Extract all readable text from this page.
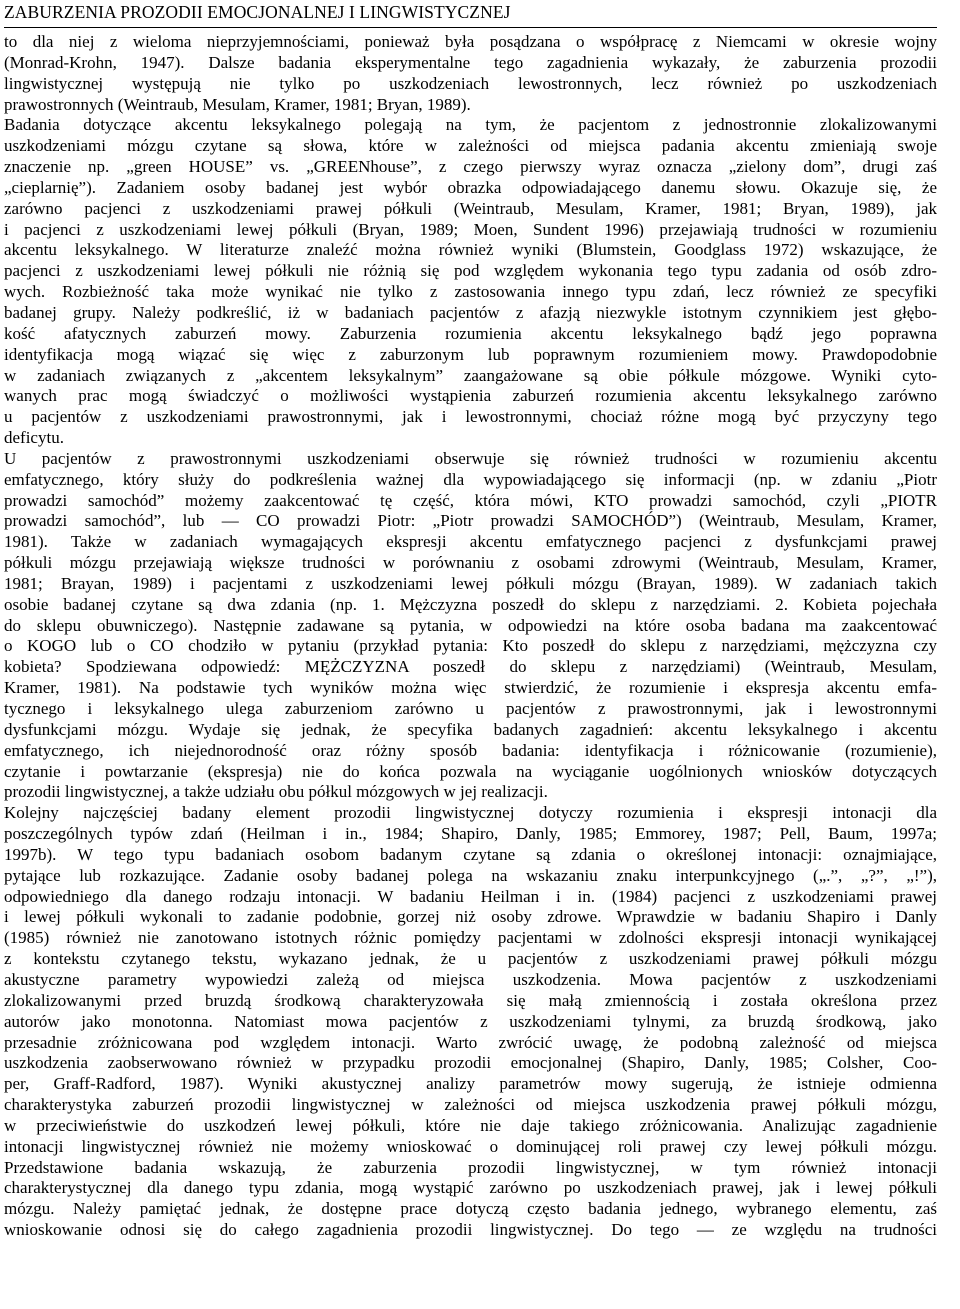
ZABURZENIA PROZODII EMOCJONALNEJ I LINGWISTYCZNEJ
to dla niej z wieloma nieprzyjemnościami, ponieważ była posądzana o współpracę z Niemcami w okresie wojny
(Monrad-Krohn, 1947). Dalsze badania eksperymentalne tego zagadnienia wykazały, że zaburzenia prozodii
lingwistycznej występują nie tylko po uszkodzeniach lewostronnych, lecz również po uszkodzeniach
prawostronnych (Weintraub, Mesulam, Kramer, 1981; Bryan, 1989).
Badania dotyczące akcentu leksykalnego polegają na tym, że pacjentom z jednostronnie zlokalizowanymi
uszkodzeniami mózgu czytane są słowa, które w zależności od miejsca padania akcentu zmieniają swoje
znaczenie np. „green HOUSE” vs. „GREENhouse”, z czego pierwszy wyraz oznacza „zielony dom”, drugi zaś
„cieplarnię”). Zadaniem osoby badanej jest wybór obrazka odpowiadającego danemu słowu. Okazuje się, że
zarówno pacjenci z uszkodzeniami prawej półkuli (Weintraub, Mesulam, Kramer, 1981; Bryan, 1989), jak
i pacjenci z uszkodzeniami lewej półkuli (Bryan, 1989; Moen, Sundent 1996) przejawiają trudności w rozumieniu
akcentu leksykalnego. W literaturze znaleźć można również wyniki (Blumstein, Goodglass 1972) wskazujące, że
pacjenci z uszkodzeniami lewej półkuli nie różnią się pod względem wykonania tego typu zadania od osób zdro-
wych. Rozbieżność taka może wynikać nie tylko z zastosowania innego typu zdań, lecz również ze specyfiki
badanej grupy. Należy podkreślić, iż w badaniach pacjentów z afazją niezwykle istotnym czynnikiem jest głębo-
kość afatycznych zaburzeń mowy. Zaburzenia rozumienia akcentu leksykalnego bądź jego poprawna
identyfikacja mogą wiązać się więc z zaburzonym lub poprawnym rozumieniem mowy. Prawdopodobnie
w zadaniach związanych z „akcentem leksykalnym” zaangażowane są obie półkule mózgowe. Wyniki cyto-
wanych prac mogą świadczyć o możliwości wystąpienia zaburzeń rozumienia akcentu leksykalnego zarówno
u pacjentów z uszkodzeniami prawostronnymi, jak i lewostronnymi, chociaż różne mogą być przyczyny tego
deficytu.
U pacjentów z prawostronnymi uszkodzeniami obserwuje się również trudności w rozumieniu akcentu
emfatycznego, który służy do podkreślenia ważnej dla wypowiadającego się informacji (np. w zdaniu „Piotr
prowadzi samochód” możemy zaakcentować tę część, która mówi, KTO prowadzi samochód, czyli „PIOTR
prowadzi samochód”, lub — CO prowadzi Piotr: „Piotr prowadzi SAMOCHÓD”) (Weintraub, Mesulam, Kramer,
1981). Także w zadaniach wymagających ekspresji akcentu emfatycznego pacjenci z dysfunkcjami prawej
półkuli mózgu przejawiają większe trudności w porównaniu z osobami zdrowymi (Weintraub, Mesulam, Kramer,
1981; Brayan, 1989) i pacjentami z uszkodzeniami lewej półkuli mózgu (Brayan, 1989). W zadaniach takich
osobie badanej czytane są dwa zdania (np. 1. Mężczyzna poszedł do sklepu z narzędziami. 2. Kobieta pojechała
do sklepu obuwniczego). Następnie zadawane są pytania, w odpowiedzi na które osoba badana ma zaakcentować
o KOGO lub o CO chodziło w pytaniu (przykład pytania: Kto poszedł do sklepu z narzędziami, mężczyzna czy
kobieta? Spodziewana odpowiedź: MĘŻCZYZNA poszedł do sklepu z narzędziami) (Weintraub, Mesulam,
Kramer, 1981). Na podstawie tych wyników można więc stwierdzić, że rozumienie i ekspresja akcentu emfa-
tycznego i leksykalnego ulega zaburzeniom zarówno u pacjentów z prawostronnymi, jak i lewostronnymi
dysfunkcjami mózgu. Wydaje się jednak, że specyfika badanych zagadnień: akcentu leksykalnego i akcentu
emfatycznego, ich niejednorodność oraz różny sposób badania: identyfikacja i różnicowanie (rozumienie),
czytanie i powtarzanie (ekspresja) nie do końca pozwala na wyciąganie uogólnionych wniosków dotyczących
prozodii lingwistycznej, a także udziału obu półkul mózgowych w jej realizacji.
Kolejny najczęściej badany element prozodii lingwistycznej dotyczy rozumienia i ekspresji intonacji dla
poszczególnych typów zdań (Heilman i in., 1984; Shapiro, Danly, 1985; Emmorey, 1987; Pell, Baum, 1997a;
1997b). W tego typu badaniach osobom badanym czytane są zdania o określonej intonacji: oznajmiające,
pytające lub rozkazujące. Zadanie osoby badanej polega na wskazaniu znaku interpunkcyjnego („.”, „?”, „!”),
odpowiedniego dla danego rodzaju intonacji. W badaniu Heilman i in. (1984) pacjenci z uszkodzeniami prawej
i lewej półkuli wykonali to zadanie podobnie, gorzej niż osoby zdrowe. Wprawdzie w badaniu Shapiro i Danly
(1985) również nie zanotowano istotnych różnic pomiędzy pacjentami w zdolności ekspresji intonacji wynikającej
z kontekstu czytanego tekstu, wykazano jednak, że u pacjentów z uszkodzeniami prawej półkuli mózgu
akustyczne parametry wypowiedzi zależą od miejsca uszkodzenia. Mowa pacjentów z uszkodzeniami
zlokalizowanymi przed bruzdą środkową charakteryzowała się małą zmiennością i została określona przez
autorów jako monotonna. Natomiast mowa pacjentów z uszkodzeniami tylnymi, za bruzdą środkową, jako
przesadnie zróżnicowana pod względem intonacji. Warto zwrócić uwagę, że podobną zależność od miejsca
uszkodzenia zaobserwowano również w przypadku prozodii emocjonalnej (Shapiro, Danly, 1985; Colsher, Coo-
per, Graff-Radford, 1987). Wyniki akustycznej analizy parametrów mowy sugerują, że istnieje odmienna
charakterystyka zaburzeń prozodii lingwistycznej w zależności od miejsca uszkodzenia prawej półkuli mózgu,
w przeciwieństwie do uszkodzeń lewej półkuli, które nie daje takiego zróżnicowania. Analizując zagadnienie
intonacji lingwistycznej również nie możemy wnioskować o dominującej roli prawej czy lewej półkuli mózgu.
Przedstawione badania wskazują, że zaburzenia prozodii lingwistycznej, w tym również intonacji
charakterystycznej dla danego typu zdania, mogą wystąpić zarówno po uszkodzeniach prawej, jak i lewej półkuli
mózgu. Należy pamiętać jednak, że dostępne prace dotyczą często badania jednego, wybranego elementu, zaś
wnioskowanie odnosi się do całego zagadnienia prozodii lingwistycznej. Do tego — ze względu na trudności
